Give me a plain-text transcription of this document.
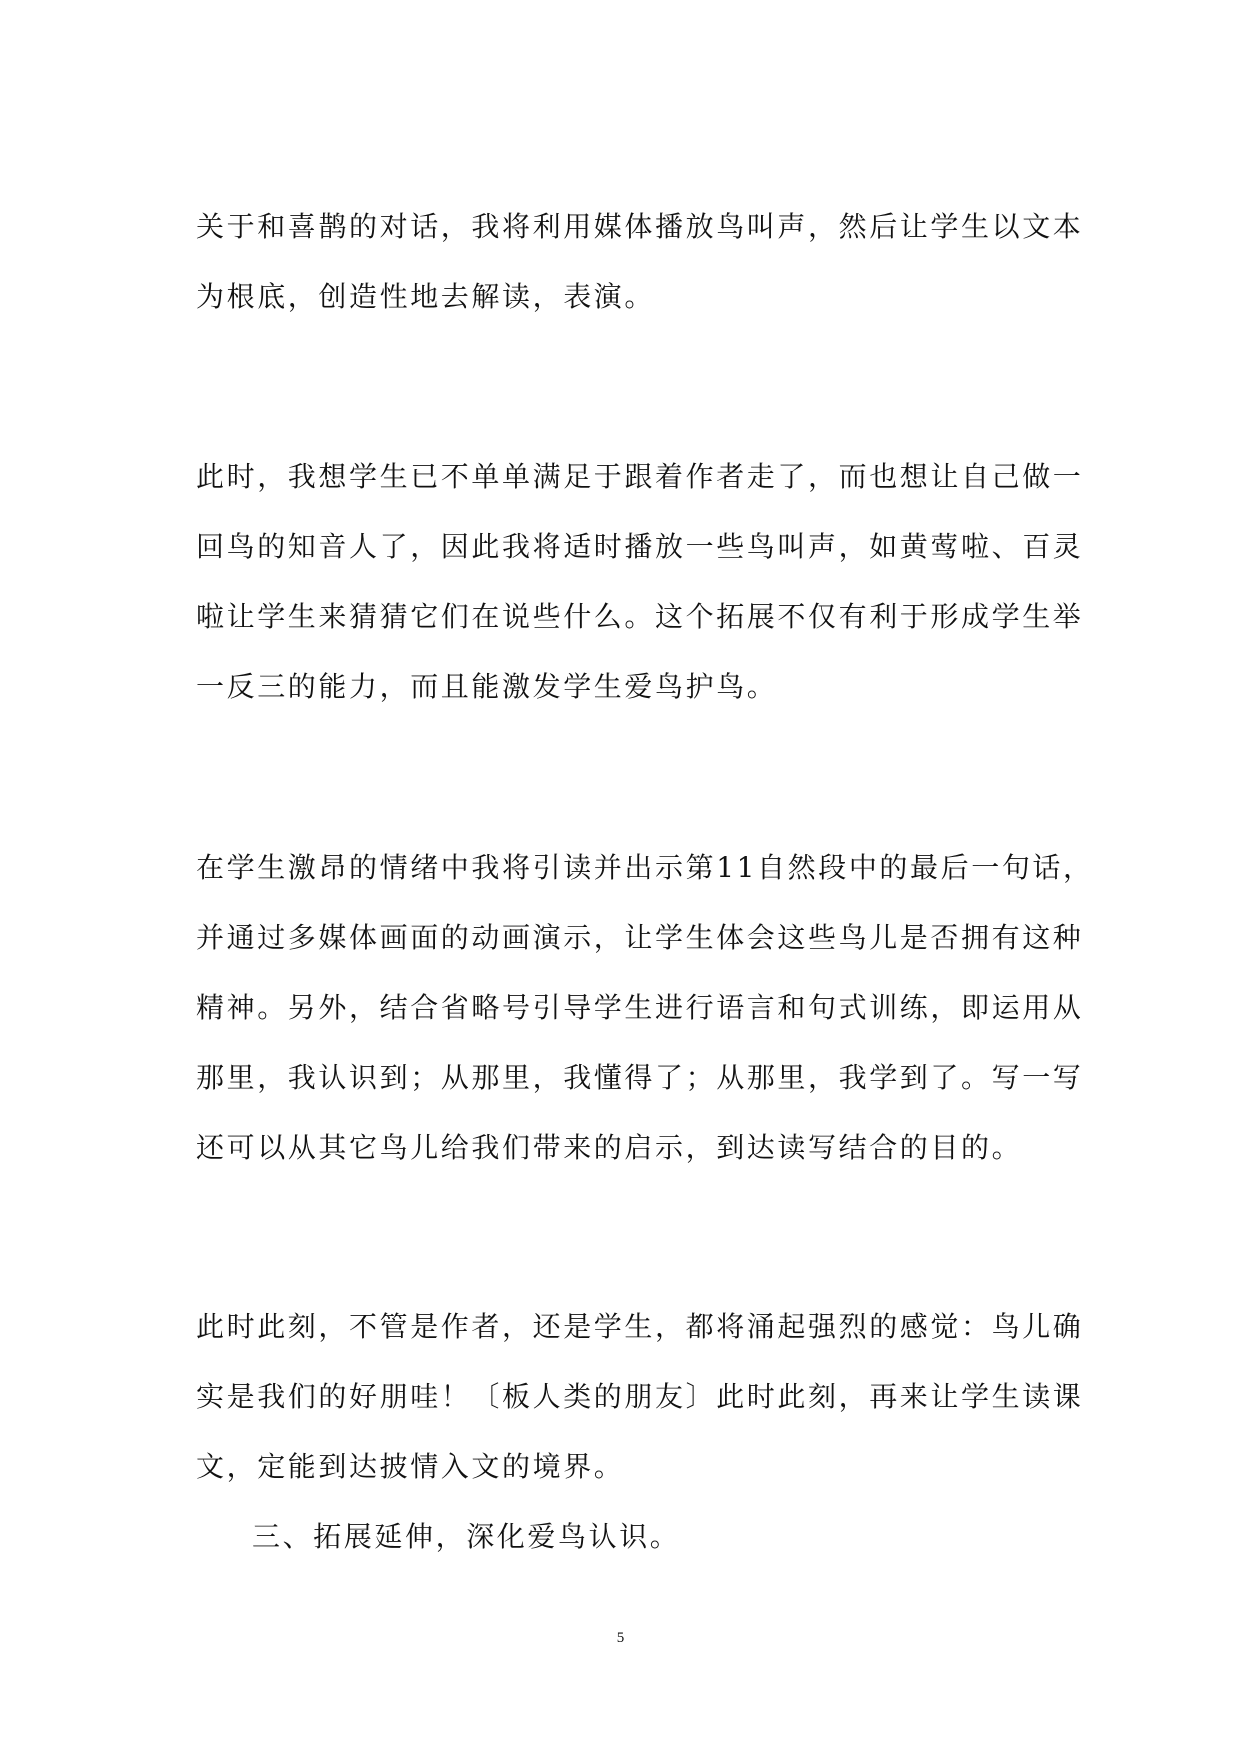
关于和喜鹊的对话，我将利用媒体播放鸟叫声，然后让学生以文本
为根底，创造性地去解读，表演。
此时，我想学生已不单单满足于跟着作者走了，而也想让自己做一
回鸟的知音人了，因此我将适时播放一些鸟叫声，如黄莺啦、百灵
啦让学生来猜猜它们在说些什么。这个拓展不仅有利于形成学生举
一反三的能力，而且能激发学生爱鸟护鸟。
在学生激昂的情绪中我将引读并出示第11自然段中的最后一句话，
并通过多媒体画面的动画演示，让学生体会这些鸟儿是否拥有这种
精神。另外，结合省略号引导学生进行语言和句式训练，即运用从
那里，我认识到；从那里，我懂得了；从那里，我学到了。写一写
还可以从其它鸟儿给我们带来的启示，到达读写结合的目的。
此时此刻，不管是作者，还是学生，都将涌起强烈的感觉：鸟儿确
实是我们的好朋哇！〔板人类的朋友〕此时此刻，再来让学生读课
文，定能到达披情入文的境界。
三、拓展延伸，深化爱鸟认识。
5
